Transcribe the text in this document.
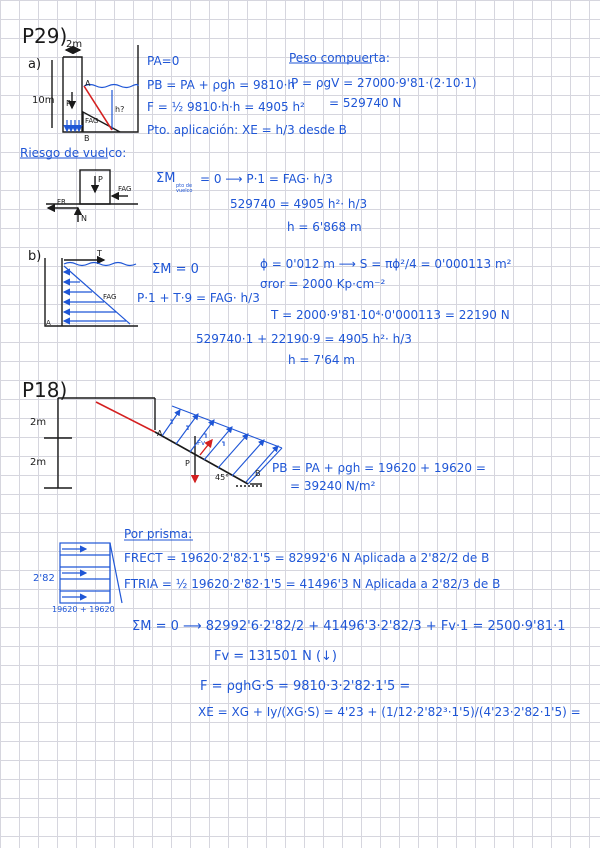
P29)
a)
2m
10m
A
P
h?
FAG
B
PA=0
PB = PA + ρgh = 9810·h
F = ½ 9810·h·h = 4905 h²
Pto. aplicación: XE = h/3 desde B
Peso compuerta:
P = ρgV = 27000·9'81·(2·10·1)
= 529740 N
Riesgo de vuelco:
P
FAG
FR
N
ΣM pto de vuelco
= 0 ⟶ P·1 = FAG· h/3
529740 = 4905 h²· h/3
h = 6'868 m
b)	T
FAG
A
ΣM = 0
P·1 + T·9 = FAG· h/3
ϕ = 0'012 m ⟶ S = πϕ²/4 = 0'000113 m²
σror = 2000 Kp·cm⁻²
T = 2000·9'81·10⁴·0'000113 = 22190 N
529740·1 + 22190·9 = 4905 h²· h/3
h = 7'64 m
P18)
2m
2m
A
P
B
45°
Fv
PB = PA + ρgh = 19620 + 19620 =
= 39240 N/m²
Por prisma:
2'82
19620 + 19620
FRECT = 19620·2'82·1'5 = 82992'6 N Aplicada a 2'82/2 de B
FTRIA = ½ 19620·2'82·1'5 = 41496'3 N Aplicada a 2'82/3 de B
ΣM = 0 ⟶ 82992'6·2'82/2 + 41496'3·2'82/3 + Fv·1 = 2500·9'81·1
Fv = 131501 N (↓)
F = ρghG·S = 9810·3·2'82·1'5 =
XE = XG + Iy/(XG·S) = 4'23 + (1/12·2'82³·1'5)/(4'23·2'82·1'5) =
